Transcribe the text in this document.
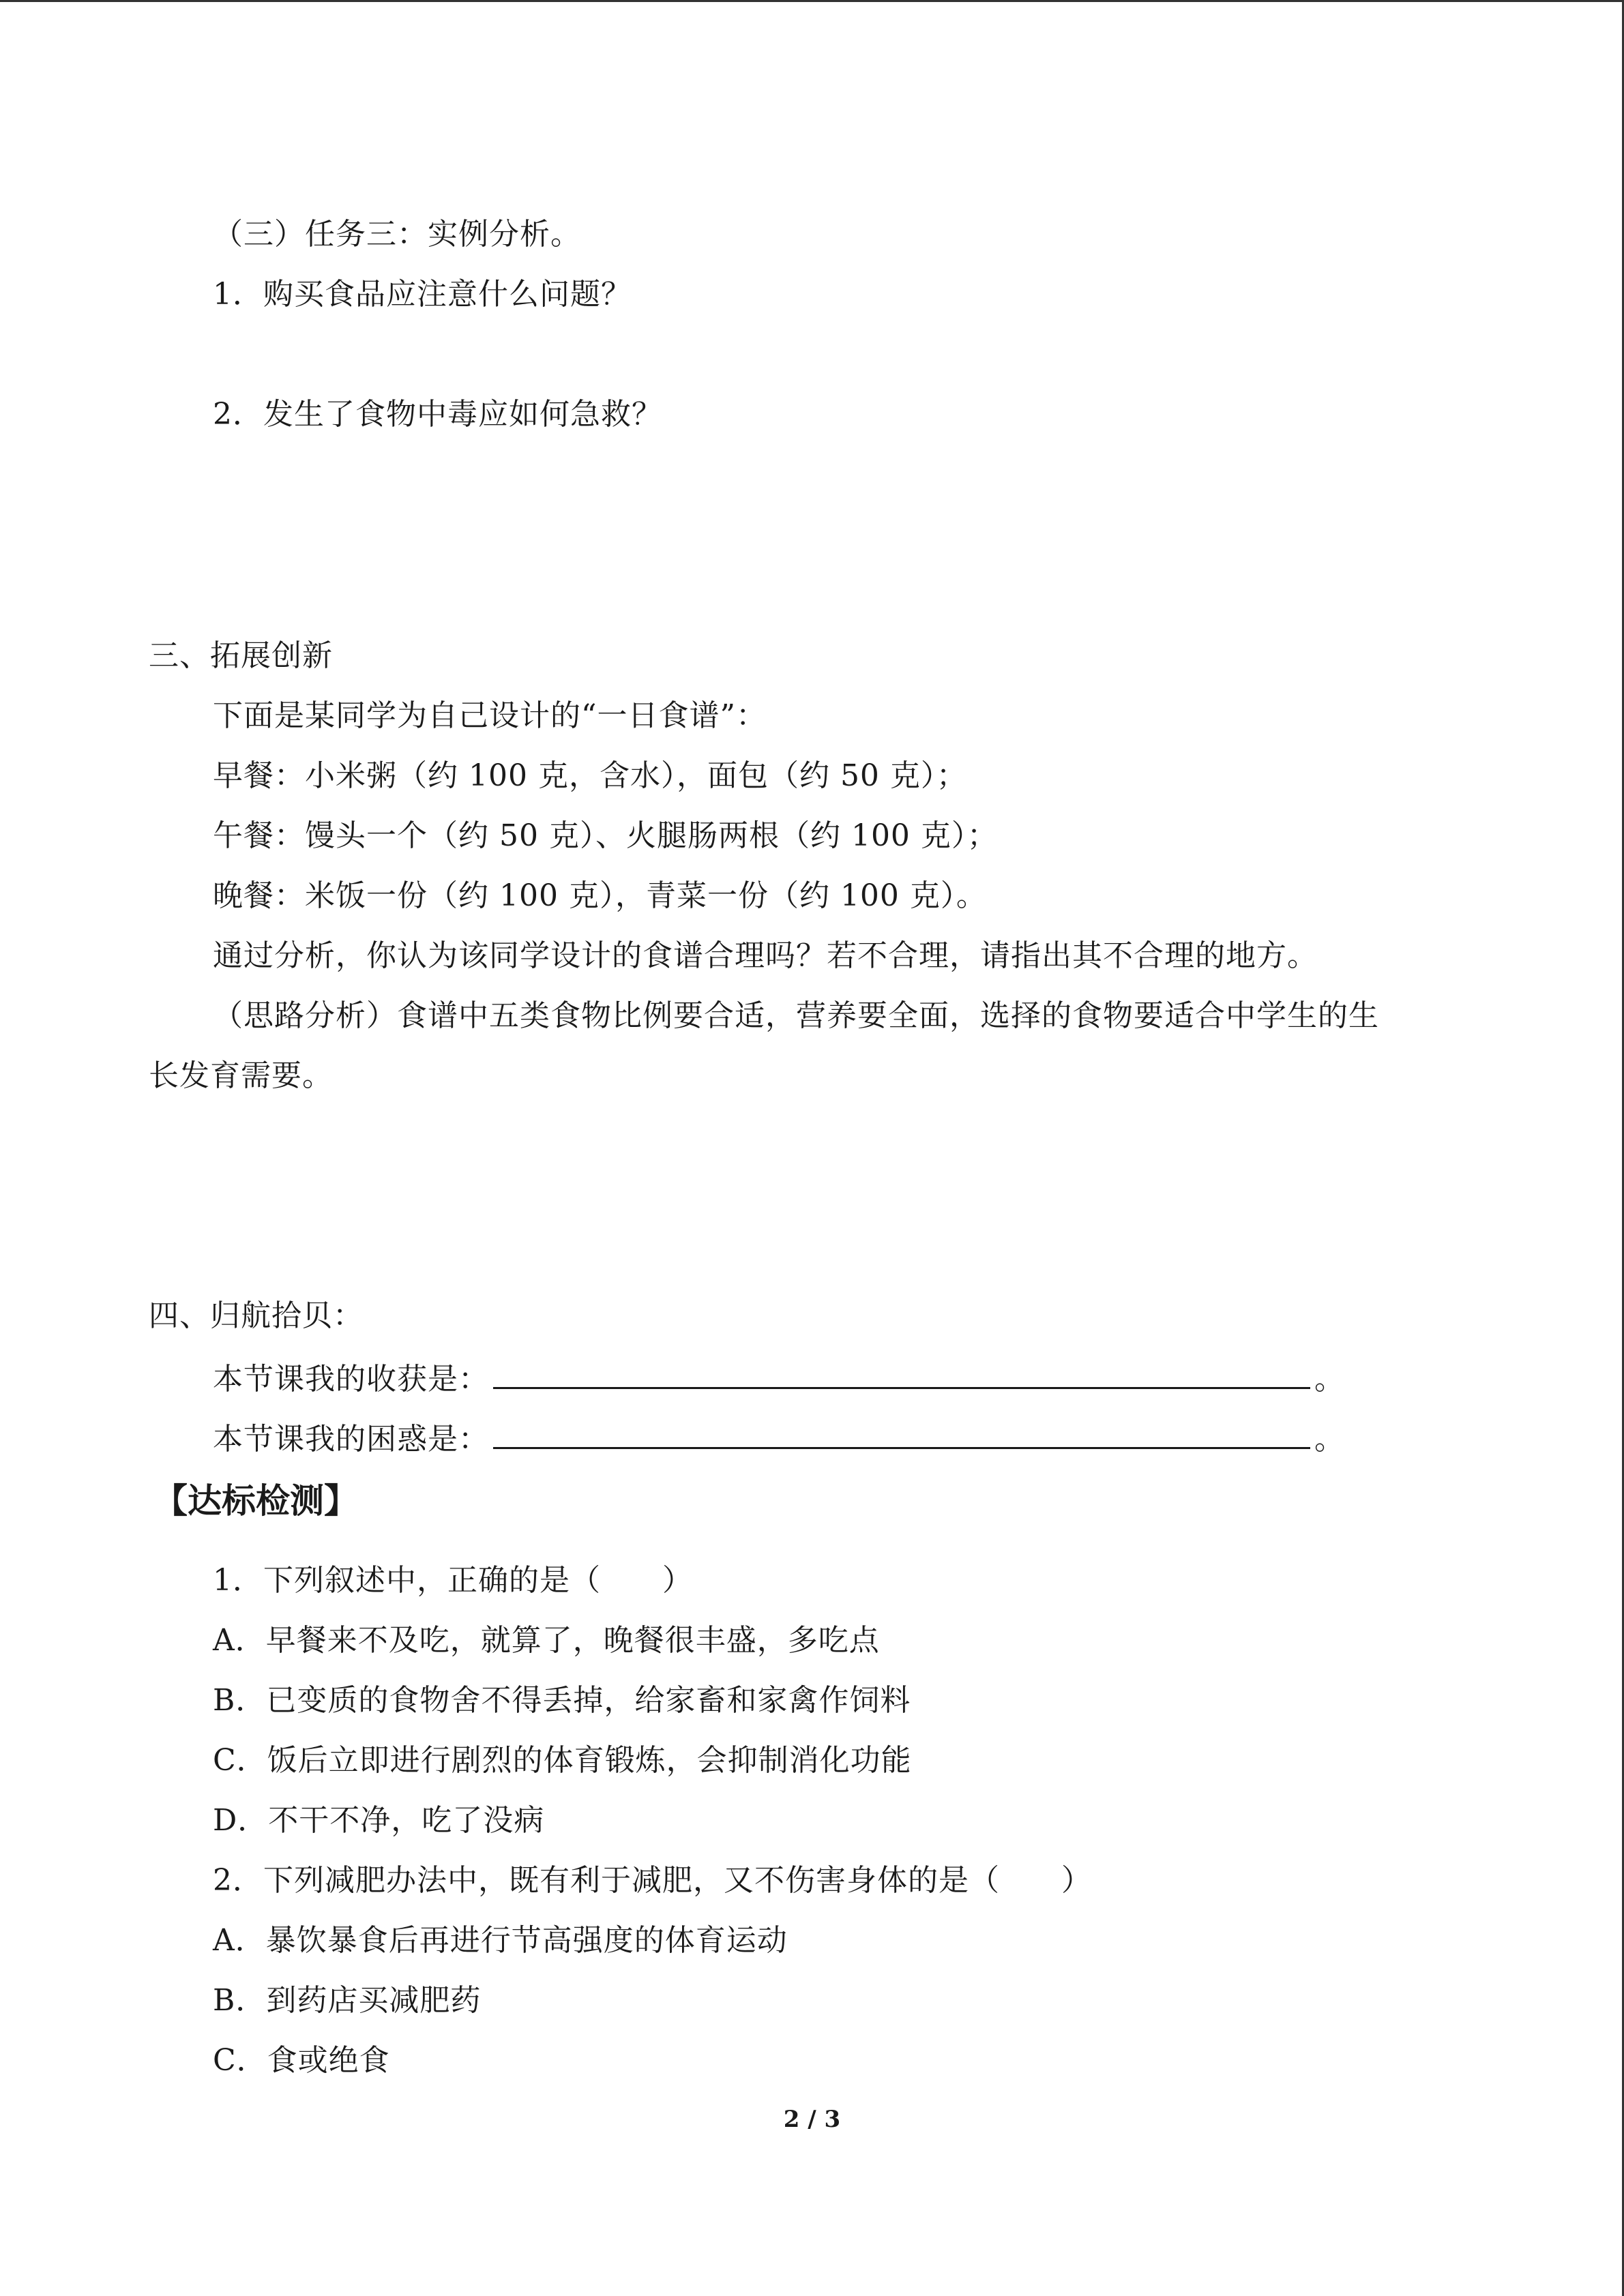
（三）任务三：实例分析。
1．购买食品应注意什么问题？
2．发生了食物中毒应如何急救？
三、拓展创新
下面是某同学为自己设计的“一日食谱”：
早餐：小米粥（约 100 克，含水），面包（约 50 克）；
午餐：馒头一个（约 50 克）、火腿肠两根（约 100 克）；
晚餐：米饭一份（约 100 克），青菜一份（约 100 克）。
通过分析，你认为该同学设计的食谱合理吗？若不合理，请指出其不合理的地方。
（思路分析）食谱中五类食物比例要合适，营养要全面，选择的食物要适合中学生的生
长发育需要。
四、归航拾贝：
本节课我的收获是：	。
本节课我的困惑是：	。
【达标检测】
1．下列叙述中，正确的是（　　）
A．早餐来不及吃，就算了，晚餐很丰盛，多吃点
B．已变质的食物舍不得丢掉，给家畜和家禽作饲料
C．饭后立即进行剧烈的体育锻炼，会抑制消化功能
D．不干不净，吃了没病
2．下列减肥办法中，既有利于减肥，又不伤害身体的是（　　）
A．暴饮暴食后再进行节高强度的体育运动
B．到药店买减肥药
C．食或绝食
2 / 3
